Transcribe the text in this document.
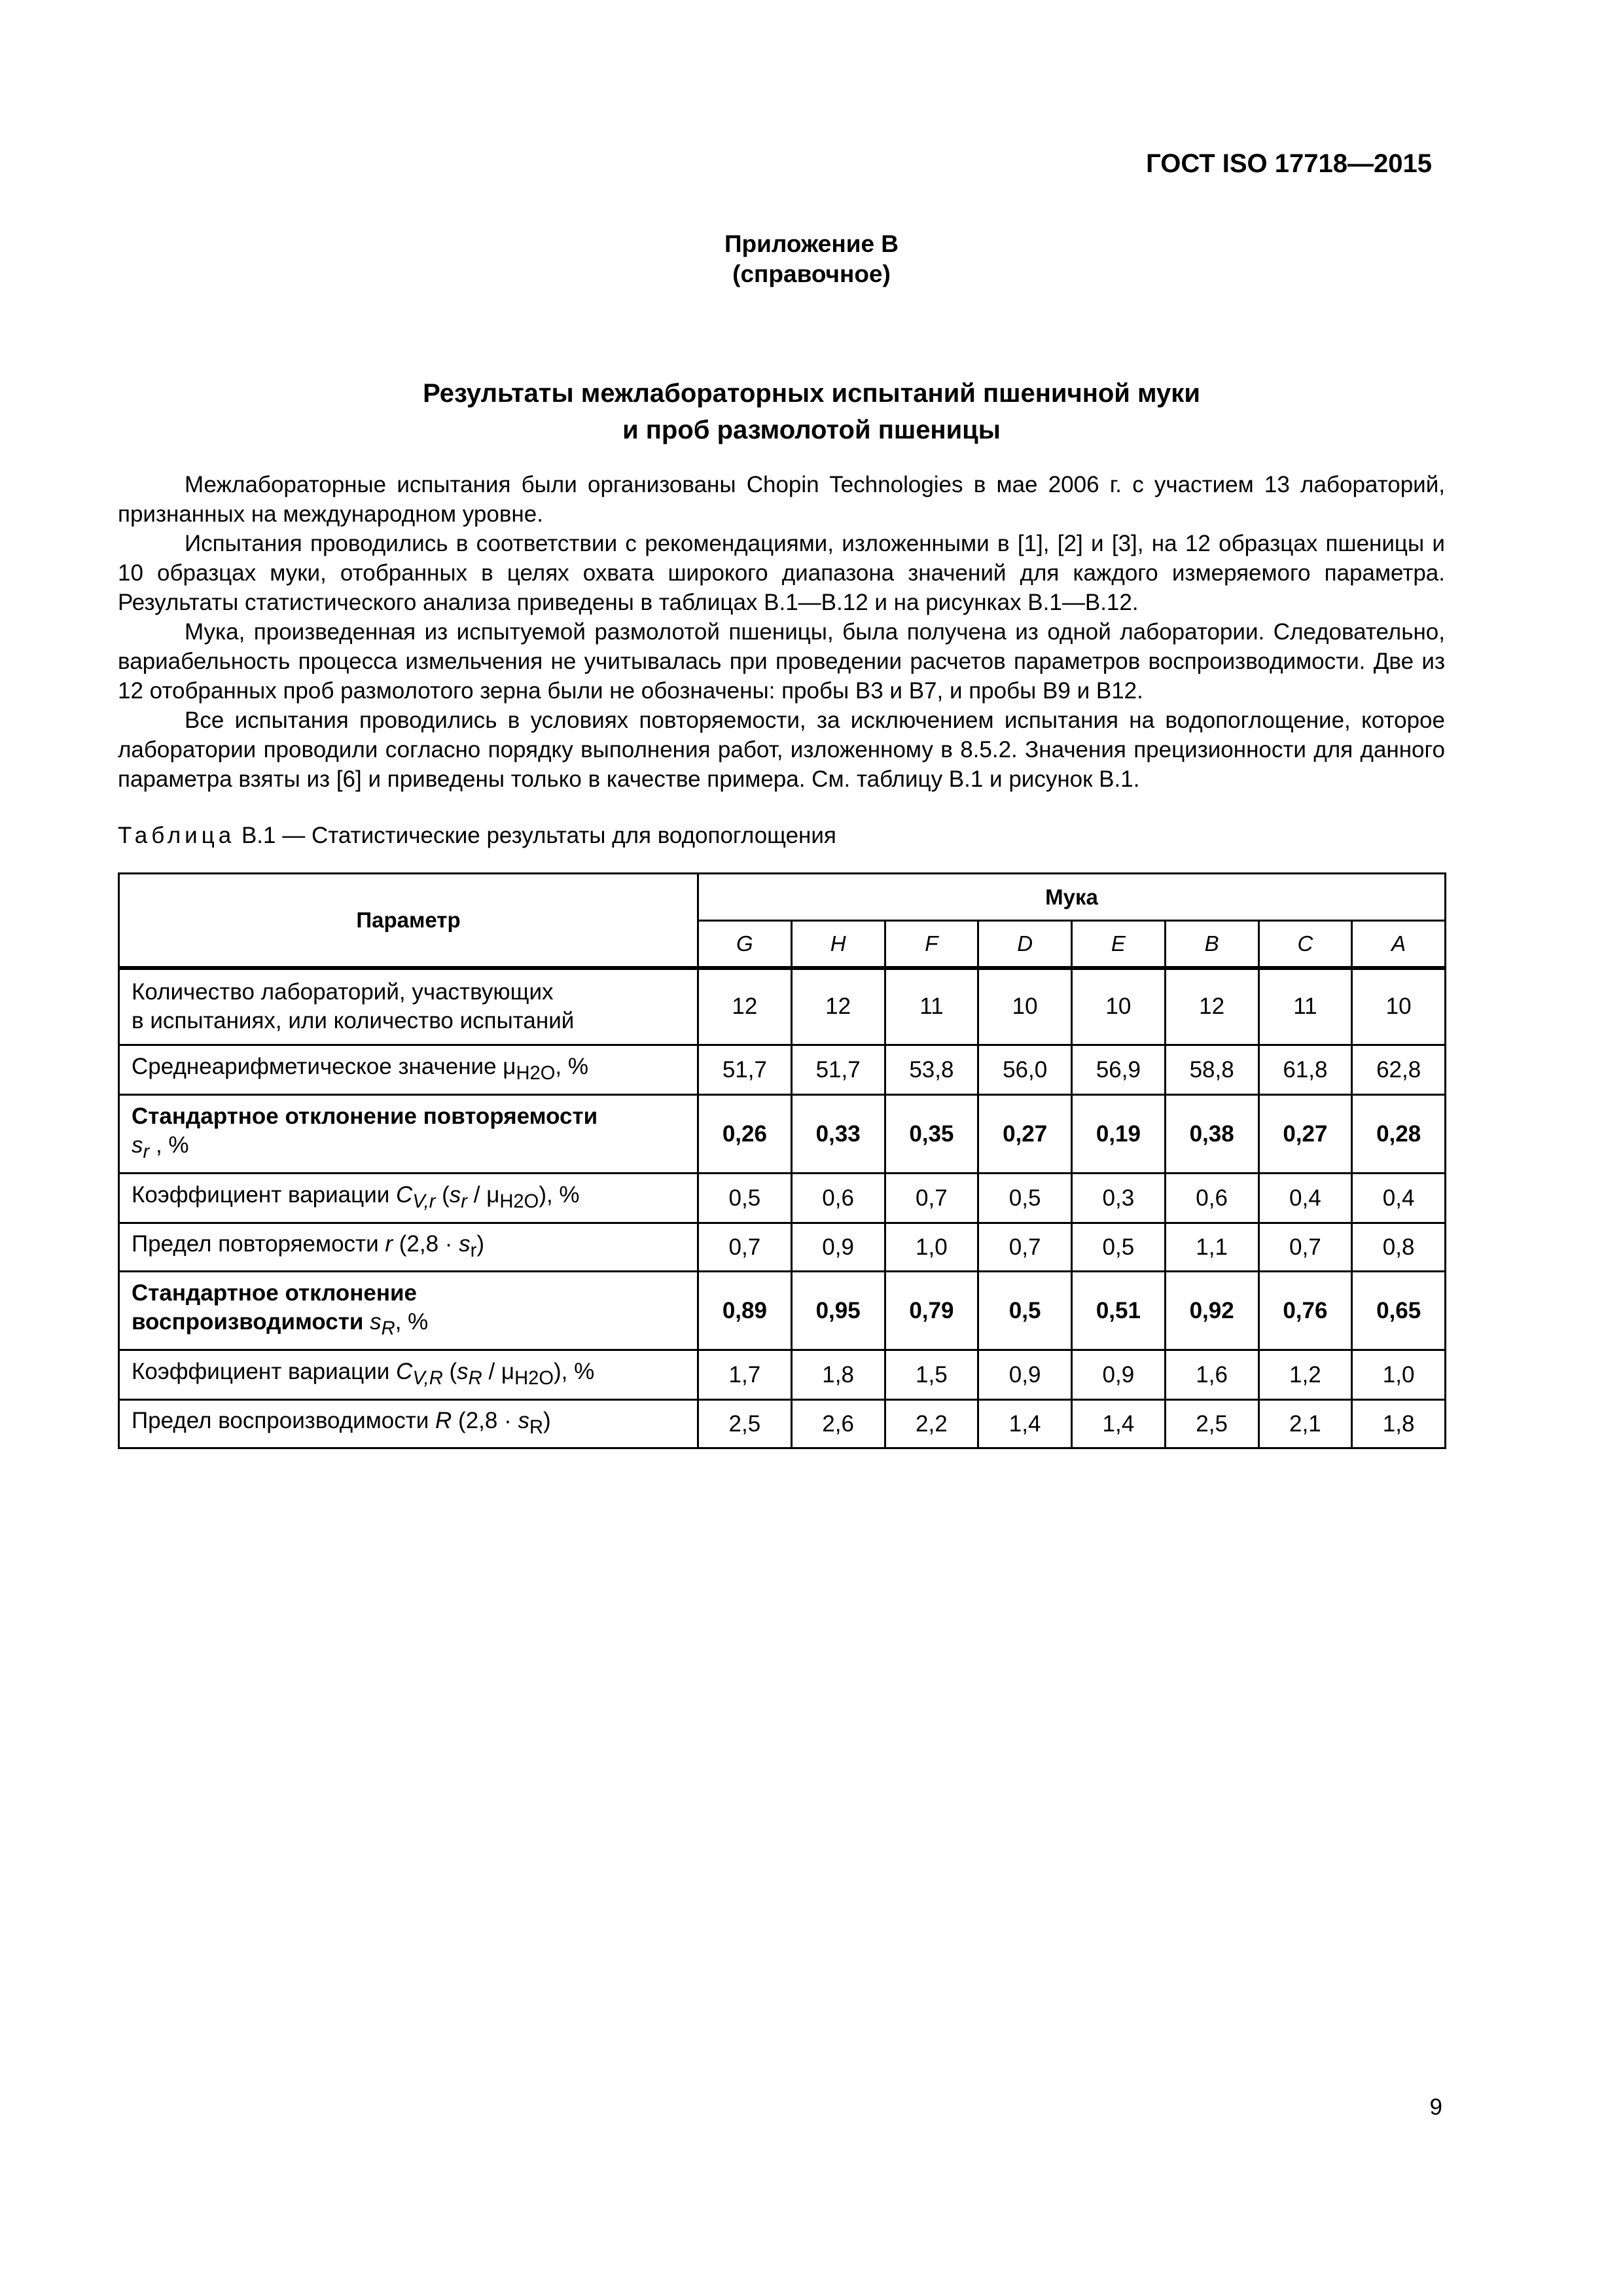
ГОСТ ISO 17718—2015
Приложение В
(справочное)
Результаты межлабораторных испытаний пшеничной муки
и проб размолотой пшеницы

Межлабораторные испытания были организованы Chopin Technologies в мае 2006 г. с участием 13 лабораторий, признанных на международном уровне.

Испытания проводились в соответствии с рекомендациями, изложенными в [1], [2] и [3], на 12 образцах пшеницы и 10 образцах муки, отобранных в целях охвата широкого диапазона значений для каждого измеряемого параметра. Результаты статистического анализа приведены в таблицах В.1—В.12 и на рисунках В.1—В.12.

Мука, произведенная из испытуемой размолотой пшеницы, была получена из одной лаборатории. Следовательно, вариабельность процесса измельчения не учитывалась при проведении расчетов параметров воспроизводимости. Две из 12 отобранных проб размолотого зерна были не обозначены: пробы B3 и B7, и пробы B9 и B12.

Все испытания проводились в условиях повторяемости, за исключением испытания на водопоглощение, которое лаборатории проводили согласно порядку выполнения работ, изложенному в 8.5.2. Значения прецизионности для данного параметра взяты из [6] и приведены только в качестве примера. См. таблицу В.1 и рисунок В.1.

Таблица В.1 — Статистические результаты для водопоглощения
Параметр	Мука							
	G	H	F	D	E	B	C	A
Количество лабораторий, участвующих
в испытаниях, или количество испытаний	12	12	11	10	10	12	11	10
Среднеарифметическое значение $\mu_{H2O}$, %	51,7	51,7	53,8	56,0	56,9	58,8	61,8	62,8
Стандартное отклонение повторяемости
$s_r$ , %	0,26	0,33	0,35	0,27	0,19	0,38	0,27	0,28
Коэффициент вариации $C_{V,r}$ $(s_r / \mu_{H2O})$, %	0,5	0,6	0,7	0,5	0,3	0,6	0,4	0,4
Предел повторяемости r $(2,8 \cdot s_r)$	0,7	0,9	1,0	0,7	0,5	1,1	0,7	0,8
Стандартное отклонение
воспроизводимости $s_R$, %	0,89	0,95	0,79	0,5	0,51	0,92	0,76	0,65
Коэффициент вариации $C_{V,R}$ $(s_R / \mu_{H2O})$, %	1,7	1,8	1,5	0,9	0,9	1,6	1,2	1,0
Предел воспроизводимости R $(2,8 \cdot s_R)$	2,5	2,6	2,2	1,4	1,4	2,5	2,1	1,8
9
